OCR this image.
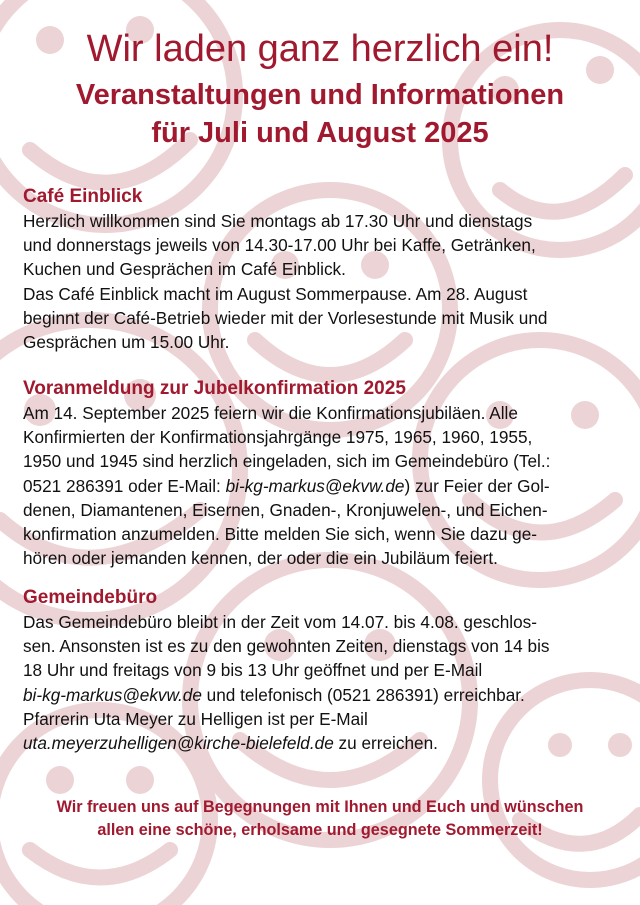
Wir laden ganz herzlich ein!
Veranstaltungen und Informationen
für Juli und August 2025
Café Einblick

Herzlich willkommen sind Sie montags ab 17.30 Uhr und dienstags
und donnerstags jeweils von 14.30-17.00 Uhr bei Kaffe, Getränken,
Kuchen und Gesprächen im Café Einblick.
Das Café Einblick macht im August Sommerpause. Am 28. August
beginnt der Café-Betrieb wieder mit der Vorlesestunde mit Musik und
Gesprächen um 15.00 Uhr.

Voranmeldung zur Jubelkonfirmation 2025

Am 14. September 2025 feiern wir die Konfirmationsjubiläen. Alle
Konfirmierten der Konfirmationsjahrgänge 1975, 1965, 1960, 1955,
1950 und 1945 sind herzlich eingeladen, sich im Gemeindebüro (Tel.:
0521 286391 oder E-Mail: bi-kg-markus@ekvw.de) zur Feier der Gol-
denen, Diamantenen, Eisernen, Gnaden-, Kronjuwelen-, und Eichen-
konfirmation anzumelden. Bitte melden Sie sich, wenn Sie dazu ge-
hören oder jemanden kennen, der oder die ein Jubiläum feiert.

Gemeindebüro

Das Gemeindebüro bleibt in der Zeit vom 14.07. bis 4.08. geschlos-
sen. Ansonsten ist es zu den gewohnten Zeiten, dienstags von 14 bis
18 Uhr und freitags von 9 bis 13 Uhr geöffnet und per E-Mail
bi-kg-markus@ekvw.de und telefonisch (0521 286391) erreichbar.
Pfarrerin Uta Meyer zu Helligen ist per E-Mail
uta.meyerzuhelligen@kirche-bielefeld.de zu erreichen.

Wir freuen uns auf Begegnungen mit Ihnen und Euch und wünschen
allen eine schöne, erholsame und gesegnete Sommerzeit!
